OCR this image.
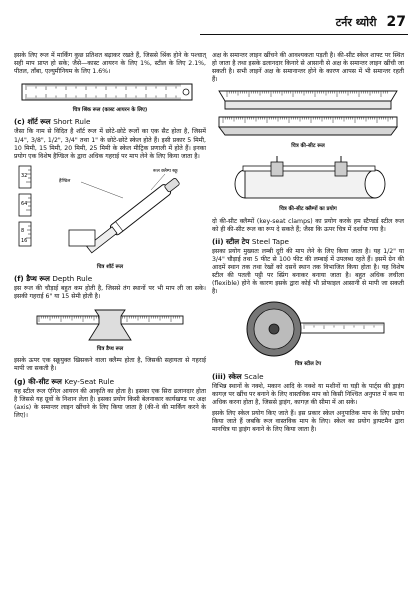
टर्नर थ्योरी 27

इसके लिए रूल में मार्किंग कुछ प्रतिशत बढ़ाकर रखते हैं, जिससे श्रिंक होने के पश्चात् सही माप प्राप्त हो सके; जैसे—कास्ट आयरन के लिए 1%, स्टील के लिए 2.1%, पीतल, ताँबा, एल्युमीनियम के लिए 1.6%।

चित्र श्रिंक रूल (कास्ट आयरन के लिए)
(c) शॉर्ट रूल Short Rule

जैसा कि नाम से विदित है शॉर्ट रूल में छोटे-छोटे रूलों का एक सैट होता है, जिसमें 1/4", 3/8", 1/2", 3/4" तथा 1" के छोटे-छोटे स्केल होते हैं। इसी प्रकार 5 मिमी, 10 मिमी, 15 मिमी, 20 मिमी, 25 मिमी के स्केल मीट्रिक प्रणाली में होते हैं। इनका प्रयोग एक विशेष हैण्डिल के द्वारा अधिक गहराई पर माप लेने के लिए किया जाता है।

32
64
8
16
हैण्डिल
रूल क्लैम्प स्क्रू
चित्र शॉर्ट रूल
(f) डैप्थ रूल Depth Rule

इस रूल की चौड़ाई बहुत कम होती है, जिससे तंग स्थानों पर भी माप ली जा सके। इसकी गहराई 6" या 15 सेमी होती है।

चित्र डैप्थ रूल

इसके ऊपर एक स्क्रूयुक्त खिसकने वाला क्लैम्प होता है, जिसकी सहायता से गहराई मापी जा सकती है।

(g) की-सीट रूल Key-Seat Rule

यह स्टील रूल एंगिल आयरन की आकृति का होता है। इसका एक सिरा ढलानदार होता है जिससे यह ग्रूवों के निशान लेता है। इसका प्रयोग किसी बेलनाकार कार्यखण्ड पर अक्ष (axis) के समान्तर लाइन खींचने के लिए किया जाता है (की-वे की मार्किंग करने के लिए)।

अक्ष के समान्तर लाइन खींचने की आवश्यकता पड़ती है। की-सीट स्केल शाफ्ट पर स्थित हो जाता है तथा इसके ढलानदार किनारे से आसानी से अक्ष के समान्तर लाइन खींची जा सकती है। सभी लाइनें अक्ष के समानान्तर होने के कारण आपस में भी समान्तर रहती हैं।

चित्र की-सीट रूल
चित्र की-सीट क्लैम्पों का प्रयोग

दो की-सीट क्लैम्पों (key-seat clamps) का प्रयोग करके हम स्टैण्डर्ड स्टील रूल को ही की-सीट रूल का रूप दे सकते हैं; जैसा कि ऊपर चित्र में दर्शाया गया है।

(ii) स्टील टेप Steel Tape

इसका प्रयोग मुख्यतः लम्बी दूरी की माप लेने के लिए किया जाता है। यह 1/2" या 3/4" चौड़ाई तथा 5 फीट से 100 फीट की लम्बाई में उपलब्ध रहते हैं। इसमें ग्रेन की आदमें स्थान तक तथा रेखों को दसवें स्थान तक विभाजित किया होता है। यह विशेष स्टील की पतली पट्टी पर स्प्रिंग बनाकर बनाया जाता है। बहुत अधिक लचीला (flexible) होने के कारण इसके द्वारा कोई भी प्रोफाइल आसानी से मापी जा सकती है।

चित्र स्टील टेप
(iii) स्केल Scale

विभिन्न स्थानों के नक्शे, मकान आदि के नक्शे या मशीनों या घड़ी के पार्ट्स की ड्राइंग कागज़ पर खींच पर बनाने के लिए वास्तविक माप को किसी निश्चित अनुपात में कम या अधिक करना होता है, जिससे ड्राइंग, कागज़ की सीमा में आ सके।

इसके लिए स्केल प्रयोग किए जाते हैं। इस प्रकार स्केल अनुपातिक माप के लिए प्रयोग किया जाते हैं जबकि रूल वास्तविक माप के लिए। स्केल का प्रयोग ड्राफ्टमैन द्वारा मानचित्र या ड्राइंग बनाने के लिए किया जाता है।
